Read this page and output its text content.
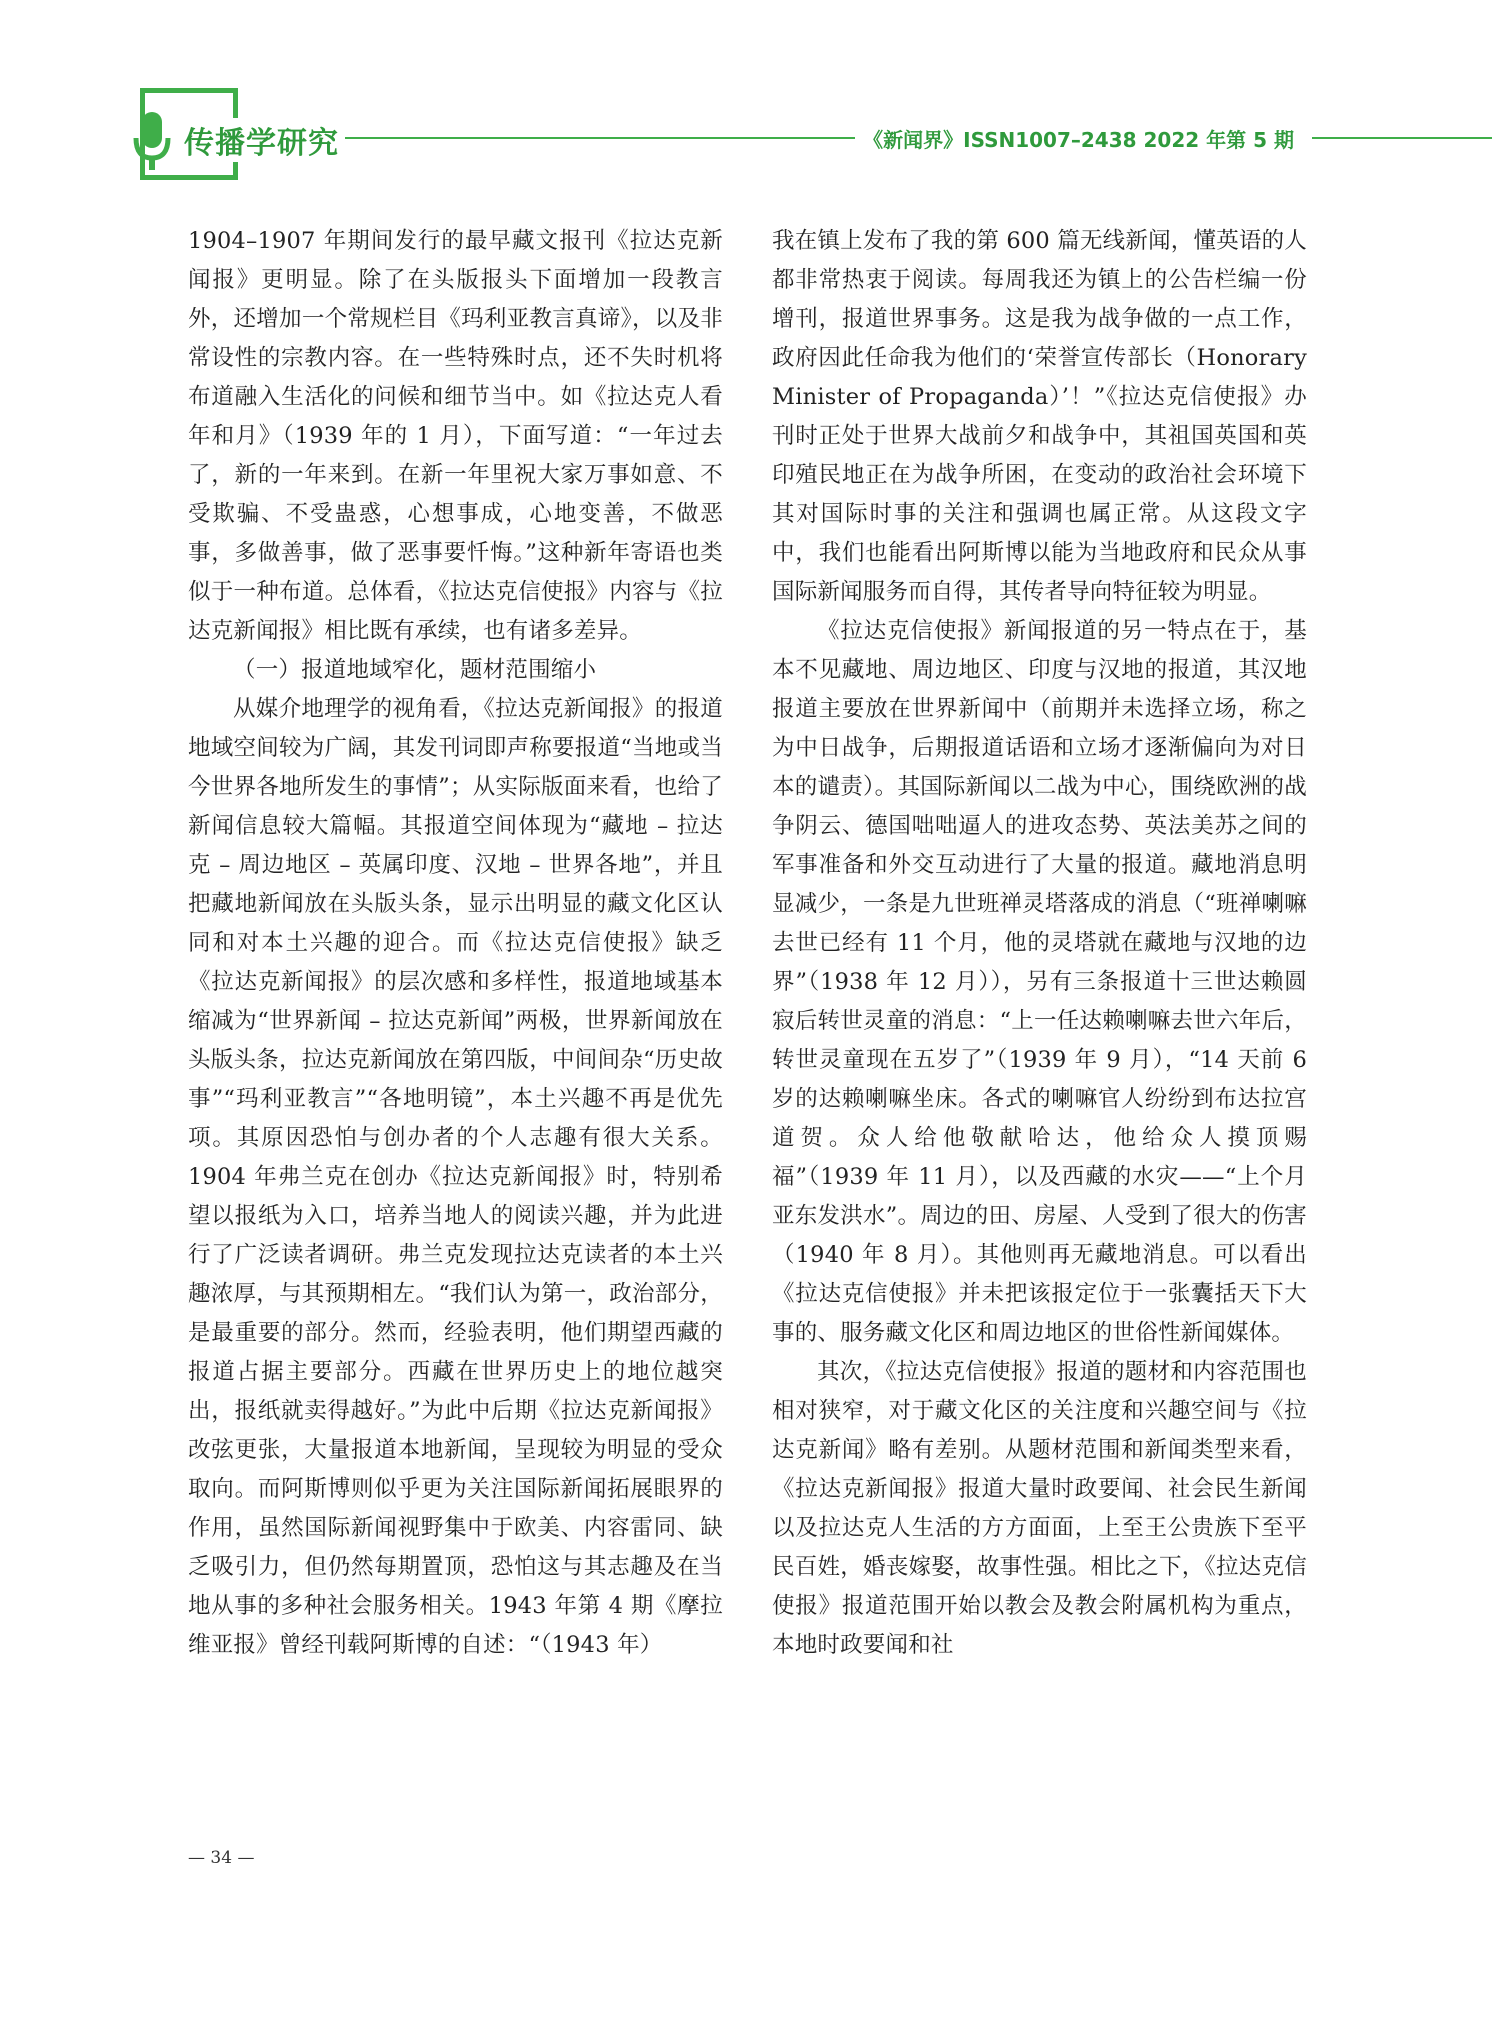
传播学研究	《新闻界》ISSN1007–2438 2022 年第 5 期

1904–1907 年期间发行的最早藏文报刊《拉达克新闻报》更明显。除了在头版报头下面增加一段教言外，还增加一个常规栏目《玛利亚教言真谛》，以及非常设性的宗教内容。在一些特殊时点，还不失时机将布道融入生活化的问候和细节当中。如《拉达克人看年和月》（1939 年的 1 月），下面写道：“一年过去了，新的一年来到。在新一年里祝大家万事如意、不受欺骗、不受蛊惑，心想事成，心地变善，不做恶事，多做善事，做了恶事要忏悔。”这种新年寄语也类似于一种布道。总体看，《拉达克信使报》内容与《拉达克新闻报》相比既有承续，也有诸多差异。

（一）报道地域窄化，题材范围缩小

从媒介地理学的视角看，《拉达克新闻报》的报道地域空间较为广阔，其发刊词即声称要报道“当地或当今世界各地所发生的事情”；从实际版面来看，也给了新闻信息较大篇幅。其报道空间体现为“藏地 – 拉达克 – 周边地区 – 英属印度、汉地 – 世界各地”，并且把藏地新闻放在头版头条，显示出明显的藏文化区认同和对本土兴趣的迎合。而《拉达克信使报》缺乏《拉达克新闻报》的层次感和多样性，报道地域基本缩减为“世界新闻 – 拉达克新闻”两极，世界新闻放在头版头条，拉达克新闻放在第四版，中间间杂“历史故事”“玛利亚教言”“各地明镜”，本土兴趣不再是优先项。其原因恐怕与创办者的个人志趣有很大关系。1904 年弗兰克在创办《拉达克新闻报》时，特别希望以报纸为入口，培养当地人的阅读兴趣，并为此进行了广泛读者调研。弗兰克发现拉达克读者的本土兴趣浓厚，与其预期相左。“我们认为第一，政治部分，是最重要的部分。然而，经验表明，他们期望西藏的报道占据主要部分。西藏在世界历史上的地位越突出，报纸就卖得越好。”为此中后期《拉达克新闻报》改弦更张，大量报道本地新闻，呈现较为明显的受众取向。而阿斯博则似乎更为关注国际新闻拓展眼界的作用，虽然国际新闻视野集中于欧美、内容雷同、缺乏吸引力，但仍然每期置顶，恐怕这与其志趣及在当地从事的多种社会服务相关。1943 年第 4 期《摩拉维亚报》曾经刊载阿斯博的自述：“（1943 年）

我在镇上发布了我的第 600 篇无线新闻，懂英语的人都非常热衷于阅读。每周我还为镇上的公告栏编一份增刊，报道世界事务。这是我为战争做的一点工作，政府因此任命我为他们的‘荣誉宣传部长（Honorary Minister of Propaganda）’！”《拉达克信使报》办刊时正处于世界大战前夕和战争中，其祖国英国和英印殖民地正在为战争所困，在变动的政治社会环境下其对国际时事的关注和强调也属正常。从这段文字中，我们也能看出阿斯博以能为当地政府和民众从事国际新闻服务而自得，其传者导向特征较为明显。

《拉达克信使报》新闻报道的另一特点在于，基本不见藏地、周边地区、印度与汉地的报道，其汉地报道主要放在世界新闻中（前期并未选择立场，称之为中日战争，后期报道话语和立场才逐渐偏向为对日本的谴责）。其国际新闻以二战为中心，围绕欧洲的战争阴云、德国咄咄逼人的进攻态势、英法美苏之间的军事准备和外交互动进行了大量的报道。藏地消息明显减少，一条是九世班禅灵塔落成的消息（“班禅喇嘛去世已经有 11 个月，他的灵塔就在藏地与汉地的边界”（1938 年 12 月）），另有三条报道十三世达赖圆寂后转世灵童的消息：“上一任达赖喇嘛去世六年后，转世灵童现在五岁了”（1939 年 9 月），“14 天前 6 岁的达赖喇嘛坐床。各式的喇嘛官人纷纷到布达拉宫道贺。众人给他敬献哈达，他给众人摸顶赐福”（1939 年 11 月），以及西藏的水灾——“上个月亚东发洪水”。周边的田、房屋、人受到了很大的伤害（1940 年 8 月）。其他则再无藏地消息。可以看出《拉达克信使报》并未把该报定位于一张囊括天下大事的、服务藏文化区和周边地区的世俗性新闻媒体。

其次，《拉达克信使报》报道的题材和内容范围也相对狭窄，对于藏文化区的关注度和兴趣空间与《拉达克新闻》略有差别。从题材范围和新闻类型来看，《拉达克新闻报》报道大量时政要闻、社会民生新闻以及拉达克人生活的方方面面，上至王公贵族下至平民百姓，婚丧嫁娶，故事性强。相比之下，《拉达克信使报》报道范围开始以教会及教会附属机构为重点，本地时政要闻和社

— 34 —
